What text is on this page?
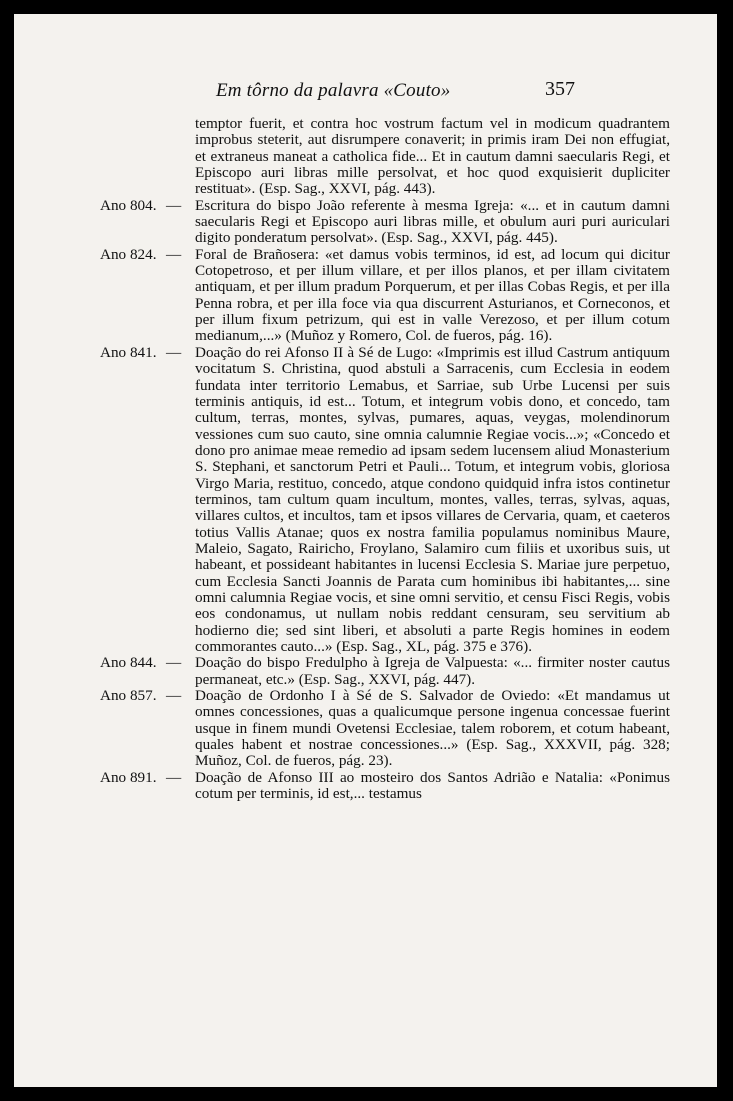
Em tôrno da palavra «Couto»	357

temptor fuerit, et contra hoc vostrum factum vel in modicum quadrantem improbus steterit, aut disrumpere conaverit; in primis iram Dei non effugiat, et extraneus maneat a catholica fide... Et in cautum damni saecularis Regi, et Episcopo auri libras mille persolvat, et hoc quod exquisierit dupliciter restituat». (Esp. Sag., XXVI, pág. 443).

Ano 804. — Escritura do bispo João referente à mesma Igreja: «... et in cautum damni saecularis Regi et Episcopo auri libras mille, et obulum auri puri auriculari digito ponderatum persolvat». (Esp. Sag., XXVI, pág. 445).
Ano 824. — Foral de Brañosera: «et damus vobis terminos, id est, ad locum qui dicitur Cotopetroso, et per illum villare, et per illos planos, et per illam civitatem antiquam, et per illum pradum Porquerum, et per illas Cobas Regis, et per illa Penna robra, et per illa foce via qua discurrent Asturianos, et Corneconos, et per illum fixum petrizum, qui est in valle Verezoso, et per illum cotum medianum,...» (Muñoz y Romero, Col. de fueros, pág. 16).
Ano 841. — Doação do rei Afonso II à Sé de Lugo: «Imprimis est illud Castrum antiquum vocitatum S. Christina, quod abstuli a Sarracenis, cum Ecclesia in eodem fundata inter territorio Lemabus, et Sarriae, sub Urbe Lucensi per suis terminis antiquis, id est... Totum, et integrum vobis dono, et concedo, tam cultum, terras, montes, sylvas, pumares, aquas, veygas, molendinorum vessiones cum suo cauto, sine omnia calumnie Regiae vocis...»; «Concedo et dono pro animae meae remedio ad ipsam sedem lucensem aliud Monasterium S. Stephani, et sanctorum Petri et Pauli... Totum, et integrum vobis, gloriosa Virgo Maria, restituo, concedo, atque condono quidquid infra istos continetur terminos, tam cultum quam incultum, montes, valles, terras, sylvas, aquas, villares cultos, et incultos, tam et ipsos villares de Cervaria, quam, et caeteros totius Vallis Atanae; quos ex nostra familia populamus nominibus Maure, Maleio, Sagato, Rairicho, Froylano, Salamiro cum filiis et uxoribus suis, ut habeant, et possideant habitantes in lucensi Ecclesia S. Mariae jure perpetuo, cum Ecclesia Sancti Joannis de Parata cum hominibus ibi habitantes,... sine omni calumnia Regiae vocis, et sine omni servitio, et censu Fisci Regis, vobis eos condonamus, ut nullam nobis reddant censuram, seu servitium ab hodierno die; sed sint liberi, et absoluti a parte Regis homines in eodem commorantes cauto...» (Esp. Sag., XL, pág. 375 e 376).
Ano 844. — Doação do bispo Fredulpho à Igreja de Valpuesta: «... firmiter noster cautus permaneat, etc.» (Esp. Sag., XXVI, pág. 447).
Ano 857. — Doação de Ordonho I à Sé de S. Salvador de Oviedo: «Et mandamus ut omnes concessiones, quas a qualicumque persone ingenua concessae fuerint usque in finem mundi Ovetensi Ecclesiae, talem roborem, et cotum habeant, quales habent et nostrae concessiones...» (Esp. Sag., XXXVII, pág. 328; Muñoz, Col. de fueros, pág. 23).
Ano 891. — Doação de Afonso III ao mosteiro dos Santos Adrião e Natalia: «Ponimus cotum per terminis, id est,... testamus
